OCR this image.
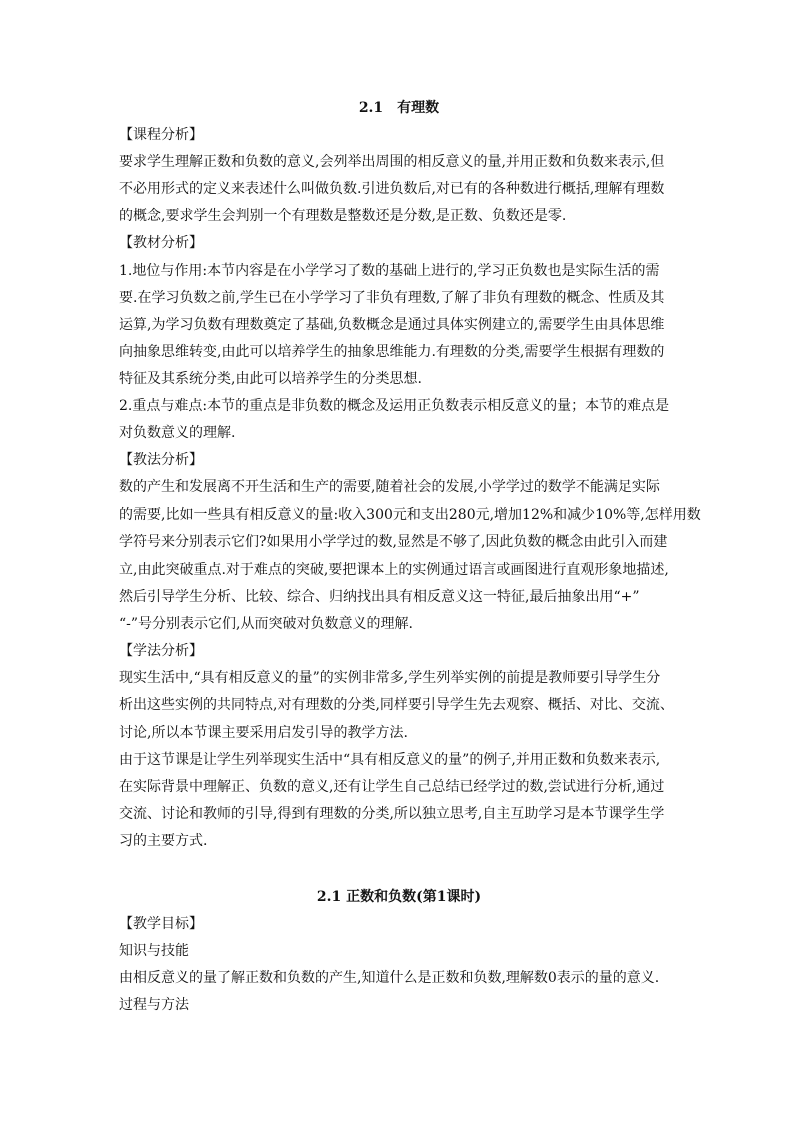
2.1　有理数
【课程分析】
要求学生理解正数和负数的意义,会列举出周围的相反意义的量,并用正数和负数来表示,但
不必用形式的定义来表述什么叫做负数.引进负数后,对已有的各种数进行概括,理解有理数
的概念,要求学生会判别一个有理数是整数还是分数,是正数、负数还是零.
【教材分析】
1.地位与作用:本节内容是在小学学习了数的基础上进行的,学习正负数也是实际生活的需
要.在学习负数之前,学生已在小学学习了非负有理数,了解了非负有理数的概念、性质及其
运算,为学习负数有理数奠定了基础,负数概念是通过具体实例建立的,需要学生由具体思维
向抽象思维转变,由此可以培养学生的抽象思维能力.有理数的分类,需要学生根据有理数的
特征及其系统分类,由此可以培养学生的分类思想.
2.重点与难点:本节的重点是非负数的概念及运用正负数表示相反意义的量；本节的难点是
对负数意义的理解.
【教法分析】
数的产生和发展离不开生活和生产的需要,随着社会的发展,小学学过的数学不能满足实际
的需要,比如一些具有相反意义的量:收入300元和支出280元,增加12%和减少10%等,怎样用数
学符号来分别表示它们?如果用小学学过的数,显然是不够了,因此负数的概念由此引入而建
立,由此突破重点.对于难点的突破,要把课本上的实例通过语言或画图进行直观形象地描述,
然后引导学生分析、比较、综合、归纳找出具有相反意义这一特征,最后抽象出用“+”
“-”号分别表示它们,从而突破对负数意义的理解.
【学法分析】
现实生活中,“具有相反意义的量”的实例非常多,学生列举实例的前提是教师要引导学生分
析出这些实例的共同特点,对有理数的分类,同样要引导学生先去观察、概括、对比、交流、
讨论,所以本节课主要采用启发引导的教学方法.
由于这节课是让学生列举现实生活中“具有相反意义的量”的例子,并用正数和负数来表示,
在实际背景中理解正、负数的意义,还有让学生自己总结已经学过的数,尝试进行分析,通过
交流、讨论和教师的引导,得到有理数的分类,所以独立思考,自主互助学习是本节课学生学
习的主要方式.
2.1 正数和负数(第1课时)
【教学目标】
知识与技能
由相反意义的量了解正数和负数的产生,知道什么是正数和负数,理解数0表示的量的意义.
过程与方法
